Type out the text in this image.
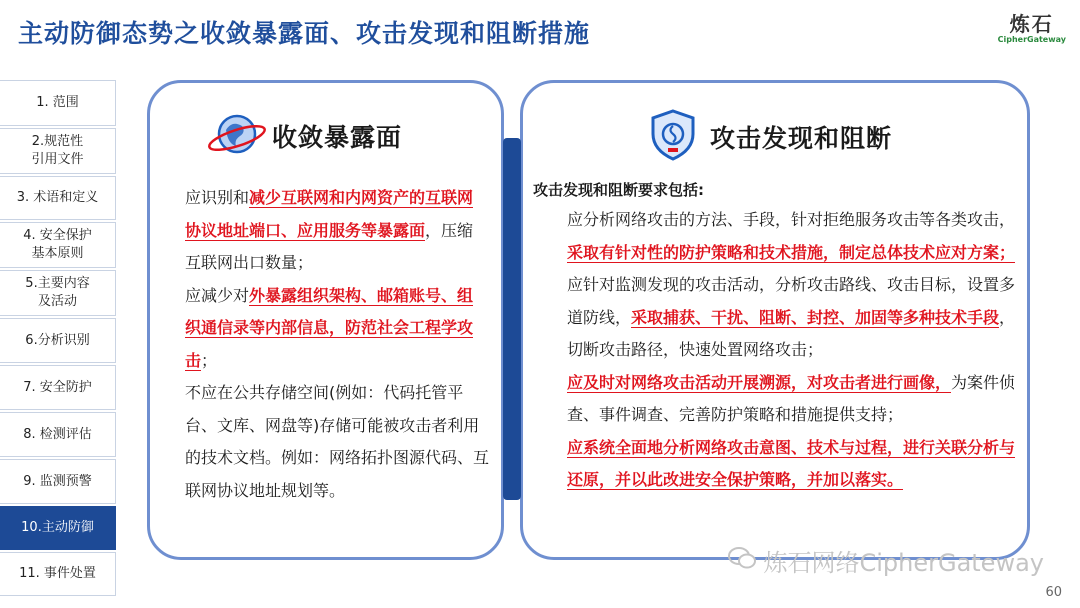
主动防御态势之收敛暴露面、攻击发现和阻断措施	炼石
CipherGateway
1. 范围
2.规范性
引用文件
3. 术语和定义
4. 安全保护
基本原则
5.主要内容
及活动
6.分析识别
7. 安全防护
8. 检测评估
9. 监测预警
10.主动防御
11. 事件处置
收敛暴露面	攻击发现和阻断
应识别和减少互联网和内网资产的互联网协议地址端口、应用服务等暴露面，压缩互联网出口数量；
应减少对外暴露组织架构、邮箱账号、组织通信录等内部信息，防范社会工程学攻击；
不应在公共存储空间(例如：代码托管平台、文库、网盘等)存储可能被攻击者利用的技术文档。例如：网络拓扑图源代码、互联网协议地址规划等。
攻击发现和阻断要求包括:
应分析网络攻击的方法、手段，针对拒绝服务攻击等各类攻击，采取有针对性的防护策略和技术措施，制定总体技术应对方案；
应针对监测发现的攻击活动，分析攻击路线、攻击目标，设置多道防线，采取捕获、干扰、阻断、封控、加固等多种技术手段，切断攻击路径，快速处置网络攻击；
应及时对网络攻击活动开展溯源，对攻击者进行画像，为案件侦查、事件调查、完善防护策略和措施提供支持；
应系统全面地分析网络攻击意图、技术与过程，进行关联分析与还原，并以此改进安全保护策略，并加以落实。
炼石网络CipherGateway
60
